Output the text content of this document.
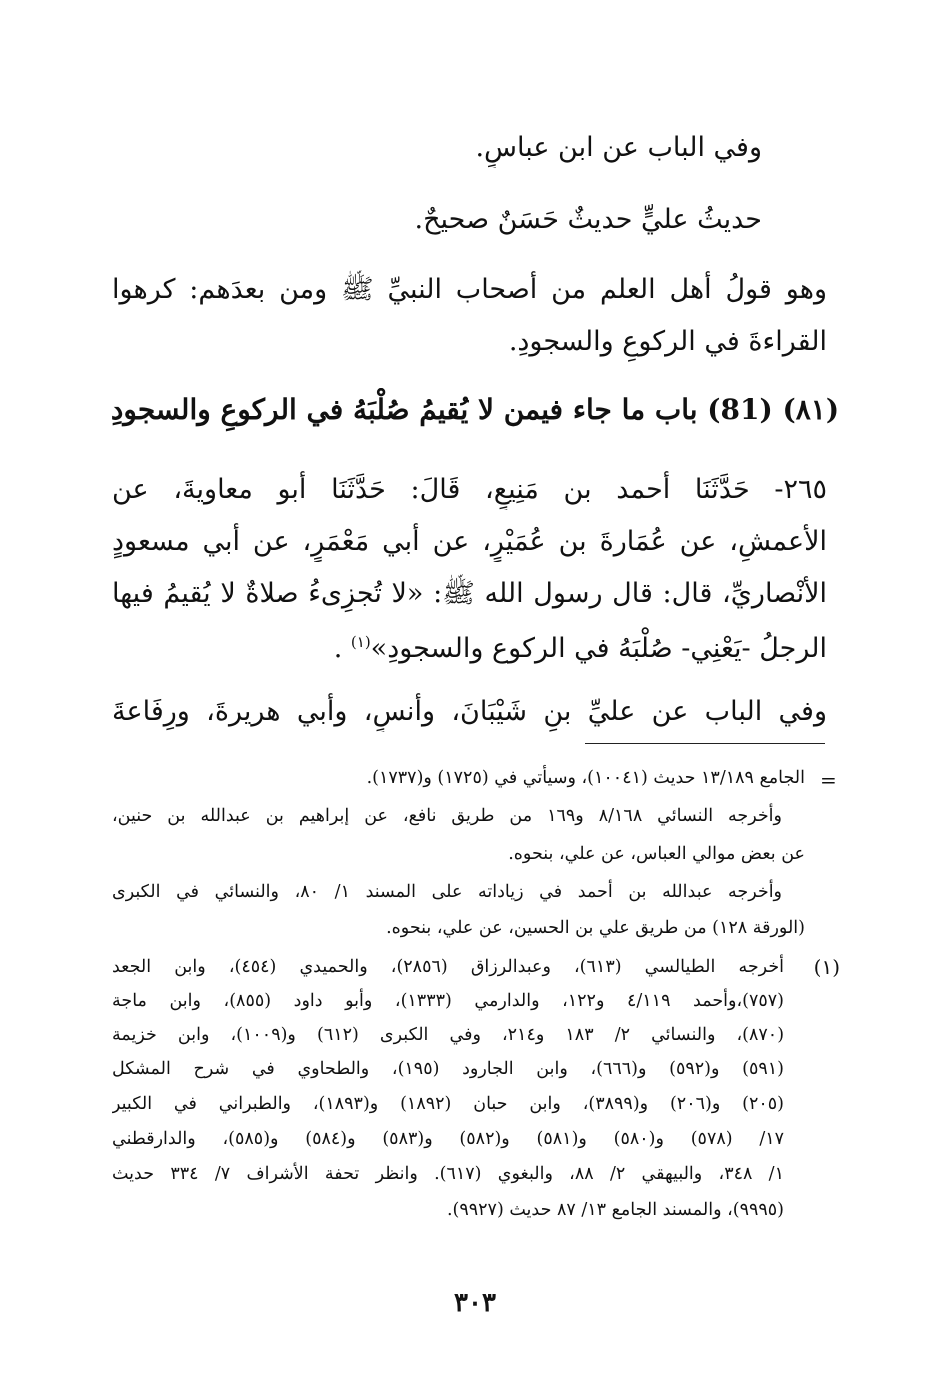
وفي الباب عن ابن عباسٍ.
حديثُ عليٍّ حديثٌ حَسَنٌ صحيحٌ.
وهو قولُ أهل العلم من أصحاب النبيِّ ﷺ ومن بعدَهم: كرهوا
القراءةَ في الركوعِ والسجودِ.
(٨١) (81) باب ما جاء فيمن لا يُقيمُ صُلْبَهُ في الركوعِ والسجودِ
٢٦٥- حَدَّثَنَا أحمد بن مَنِيعٍ، قَالَ: حَدَّثَنَا أبو معاويةَ، عن
الأعمشِ، عن عُمَارةَ بن عُمَيْرٍ، عن أبي مَعْمَرٍ، عن أبي مسعودٍ
الأنْصاريِّ، قال: قال رسول الله ﷺ: «لا تُجزِىءُ صلاةٌ لا يُقيمُ فيها
الرجلُ -يَعْنِي- صُلْبَهُ في الركوع والسجودِ»$^{(١)}$ .
وفي الباب عن عليِّ بنِ شَيْبَانَ، وأنسٍ، وأبي هريرةَ، ورِفَاعةَ
=
الجامع ١٣/١٨٩ حديث (١٠٠٤١)، وسيأتي في (١٧٢٥) و(١٧٣٧).
وأخرجه النسائي ٨/١٦٨ و١٦٩ من طريق نافع، عن إبراهيم بن عبدالله بن حنين،
عن بعض موالي العباس، عن علي، بنحوه.
وأخرجه عبدالله بن أحمد في زياداته على المسند ١/ ٨٠، والنسائي في الكبرى
(الورقة ١٢٨) من طريق علي بن الحسين، عن علي، بنحوه.
(١)
أخرجه الطيالسي (٦١٣)، وعبدالرزاق (٢٨٥٦)، والحميدي (٤٥٤)، وابن الجعد
(٧٥٧)،وأحمد ٤/١١٩ و١٢٢، والدارمي (١٣٣٣)، وأبو داود (٨٥٥)، وابن ماجة
(٨٧٠)، والنسائي ٢/ ١٨٣ و٢١٤، وفي الكبرى (٦١٢) و(١٠٠٩)، وابن خزيمة
(٥٩١) و(٥٩٢) و(٦٦٦)، وابن الجارود (١٩٥)، والطحاوي في شرح المشكل
(٢٠٥) و(٢٠٦) و(٣٨٩٩)، وابن حبان (١٨٩٢) و(١٨٩٣)، والطبراني في الكبير
١٧/ (٥٧٨) و(٥٨٠) و(٥٨١) و(٥٨٢) و(٥٨٣) و(٥٨٤) و(٥٨٥)، والدارقطني
١/ ٣٤٨، والبيهقي ٢/ ٨٨، والبغوي (٦١٧). وانظر تحفة الأشراف ٧/ ٣٣٤ حديث
(٩٩٩٥)، والمسند الجامع ١٣/ ٨٧ حديث (٩٩٢٧).
٣٠٣
